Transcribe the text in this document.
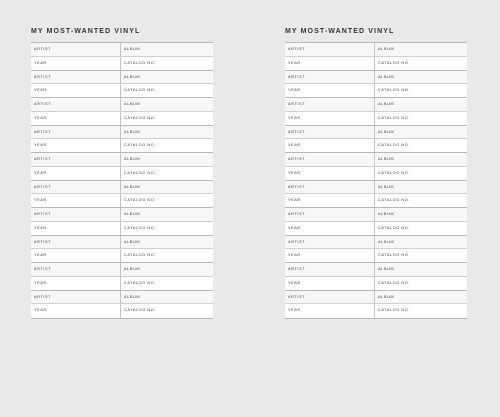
MY MOST-WANTED VINYL
ARTIST	ALBUM
YEAR	CATALOG NO.
ARTIST	ALBUM
YEAR	CATALOG NO.
ARTIST	ALBUM
YEAR	CATALOG NO.
ARTIST	ALBUM
YEAR	CATALOG NO.
ARTIST	ALBUM
YEAR	CATALOG NO.
ARTIST	ALBUM
YEAR	CATALOG NO.
ARTIST	ALBUM
YEAR	CATALOG NO.
ARTIST	ALBUM
YEAR	CATALOG NO.
ARTIST	ALBUM
YEAR	CATALOG NO.
ARTIST	ALBUM
YEAR	CATALOG NO.
MY MOST-WANTED VINYL
ARTIST	ALBUM
YEAR	CATALOG NO.
ARTIST	ALBUM
YEAR	CATALOG NO.
ARTIST	ALBUM
YEAR	CATALOG NO.
ARTIST	ALBUM
YEAR	CATALOG NO.
ARTIST	ALBUM
YEAR	CATALOG NO.
ARTIST	ALBUM
YEAR	CATALOG NO.
ARTIST	ALBUM
YEAR	CATALOG NO.
ARTIST	ALBUM
YEAR	CATALOG NO.
ARTIST	ALBUM
YEAR	CATALOG NO.
ARTIST	ALBUM
YEAR	CATALOG NO.
